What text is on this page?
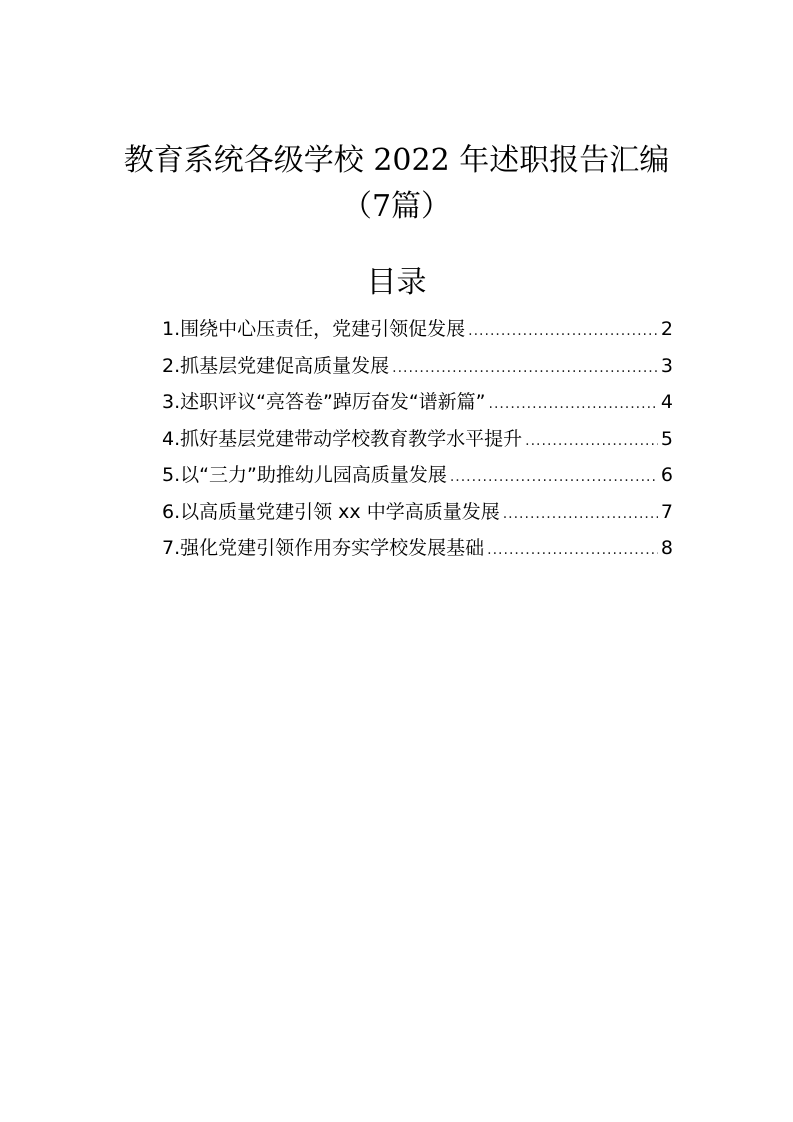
教育系统各级学校 2022 年述职报告汇编（7篇）
目录
1.围绕中心压责任，党建引领促发展 .....	2
2.抓基层党建促高质量发展 .....	3
3.述职评议“亮答卷”踔厉奋发“谱新篇” .....	4
4.抓好基层党建带动学校教育教学水平提升 .....	5
5.以“三力”助推幼儿园高质量发展 .....	6
6.以高质量党建引领 xx 中学高质量发展 .....	7
7.强化党建引领作用夯实学校发展基础 .....	8
